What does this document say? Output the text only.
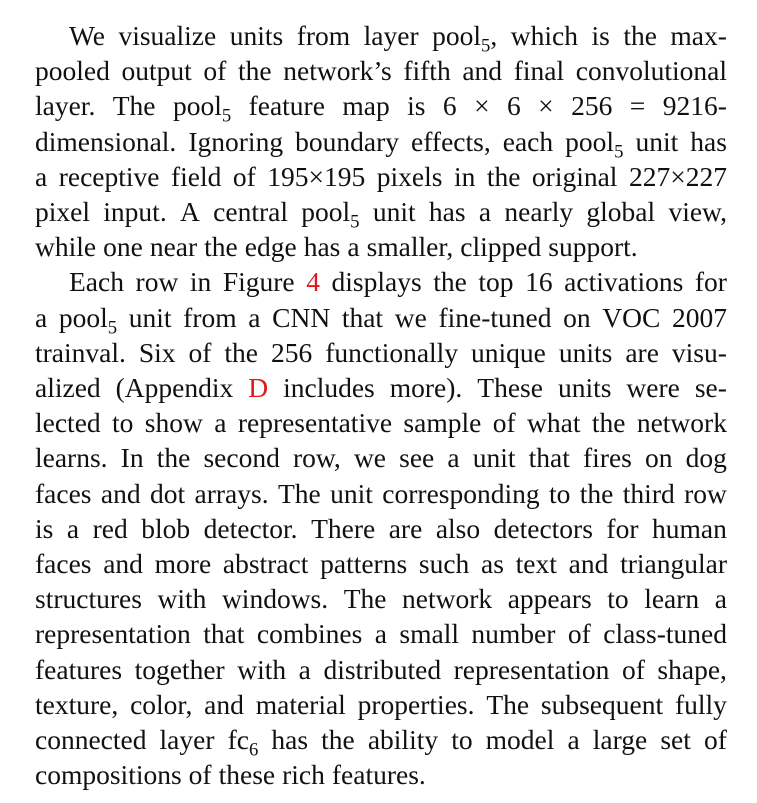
We visualize units from layer pool$_5$, which is the max-
pooled output of the network’s fifth and final convolutional
layer. The pool$_5$ feature map is 6 × 6 × 256 = 9216-
dimensional. Ignoring boundary effects, each pool$_5$ unit has
a receptive field of 195×195 pixels in the original 227×227
pixel input. A central pool$_5$ unit has a nearly global view,
while one near the edge has a smaller, clipped support.
Each row in Figure 4 displays the top 16 activations for
a pool$_5$ unit from a CNN that we fine-tuned on VOC 2007
trainval. Six of the 256 functionally unique units are visu-
alized (Appendix D includes more). These units were se-
lected to show a representative sample of what the network
learns. In the second row, we see a unit that fires on dog
faces and dot arrays. The unit corresponding to the third row
is a red blob detector. There are also detectors for human
faces and more abstract patterns such as text and triangular
structures with windows. The network appears to learn a
representation that combines a small number of class-tuned
features together with a distributed representation of shape,
texture, color, and material properties. The subsequent fully
connected layer $fc_6$ has the ability to model a large set of
compositions of these rich features.
